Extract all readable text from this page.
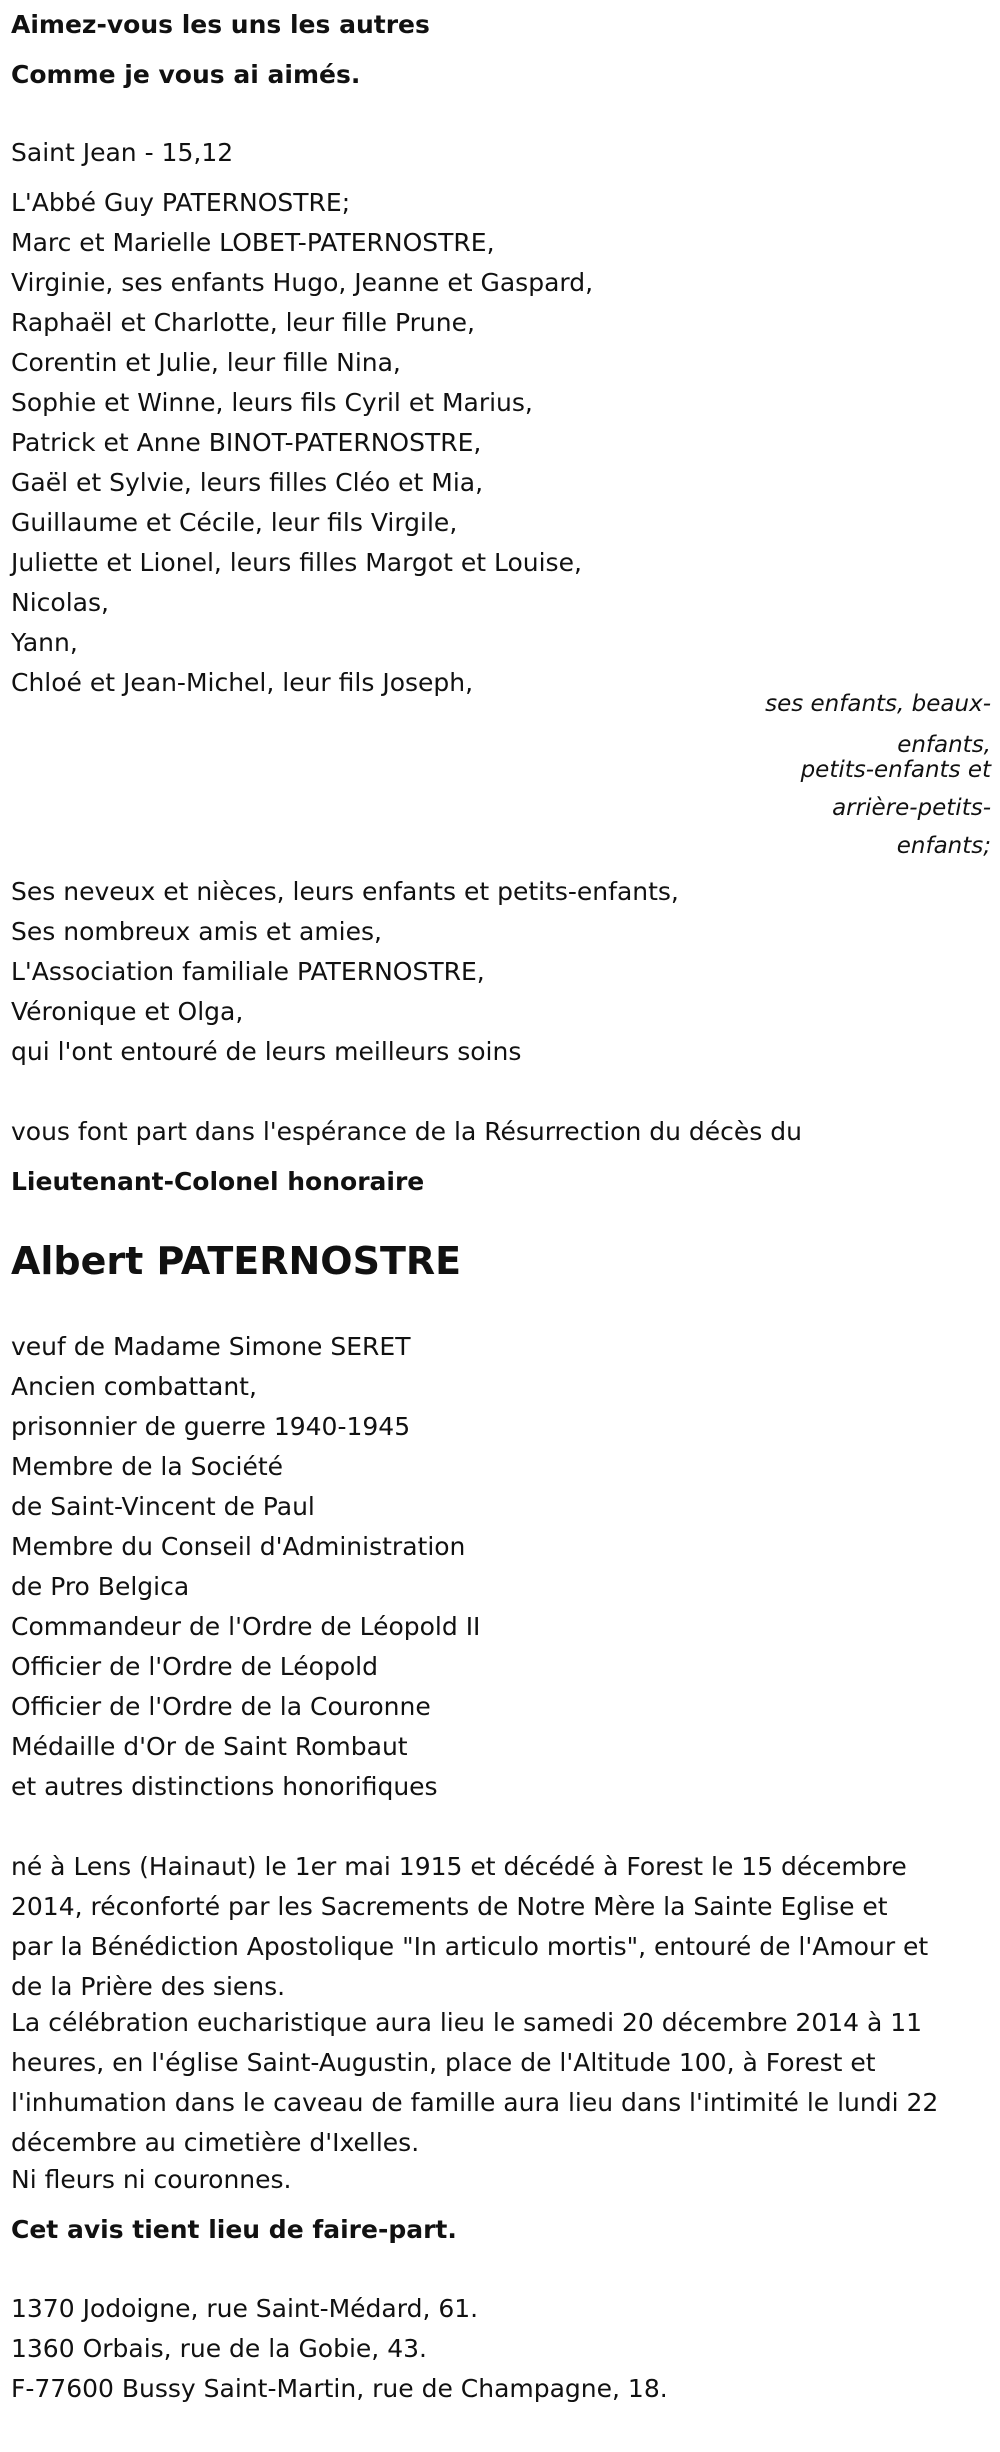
Aimez-vous les uns les autres
Comme je vous ai aimés.
Saint Jean - 15,12
L'Abbé Guy PATERNOSTRE;
Marc et Marielle LOBET-PATERNOSTRE,
Virginie, ses enfants Hugo, Jeanne et Gaspard,
Raphaël et Charlotte, leur fille Prune,
Corentin et Julie, leur fille Nina,
Sophie et Winne, leurs fils Cyril et Marius,
Patrick et Anne BINOT-PATERNOSTRE,
Gaël et Sylvie, leurs filles Cléo et Mia,
Guillaume et Cécile, leur fils Virgile,
Juliette et Lionel, leurs filles Margot et Louise,
Nicolas,
Yann,
Chloé et Jean-Michel, leur fils Joseph,
ses enfants, beaux-
enfants,
petits-enfants et
arrière-petits-
enfants;
Ses neveux et nièces, leurs enfants et petits-enfants,
Ses nombreux amis et amies,
L'Association familiale PATERNOSTRE,
Véronique et Olga,
qui l'ont entouré de leurs meilleurs soins
vous font part dans l'espérance de la Résurrection du décès du
Lieutenant-Colonel honoraire
Albert PATERNOSTRE
veuf de Madame Simone SERET
Ancien combattant,
prisonnier de guerre 1940-1945
Membre de la Société
de Saint-Vincent de Paul
Membre du Conseil d'Administration
de Pro Belgica
Commandeur de l'Ordre de Léopold II
Officier de l'Ordre de Léopold
Officier de l'Ordre de la Couronne
Médaille d'Or de Saint Rombaut
et autres distinctions honorifiques
né à Lens (Hainaut) le 1er mai 1915 et décédé à Forest le 15 décembre
2014, réconforté par les Sacrements de Notre Mère la Sainte Eglise et
par la Bénédiction Apostolique "In articulo mortis", entouré de l'Amour et
de la Prière des siens.
La célébration eucharistique aura lieu le samedi 20 décembre 2014 à 11
heures, en l'église Saint-Augustin, place de l'Altitude 100, à Forest et
l'inhumation dans le caveau de famille aura lieu dans l'intimité le lundi 22
décembre au cimetière d'Ixelles.
Ni fleurs ni couronnes.
Cet avis tient lieu de faire-part.
1370 Jodoigne, rue Saint-Médard, 61.
1360 Orbais, rue de la Gobie, 43.
F-77600 Bussy Saint-Martin, rue de Champagne, 18.
